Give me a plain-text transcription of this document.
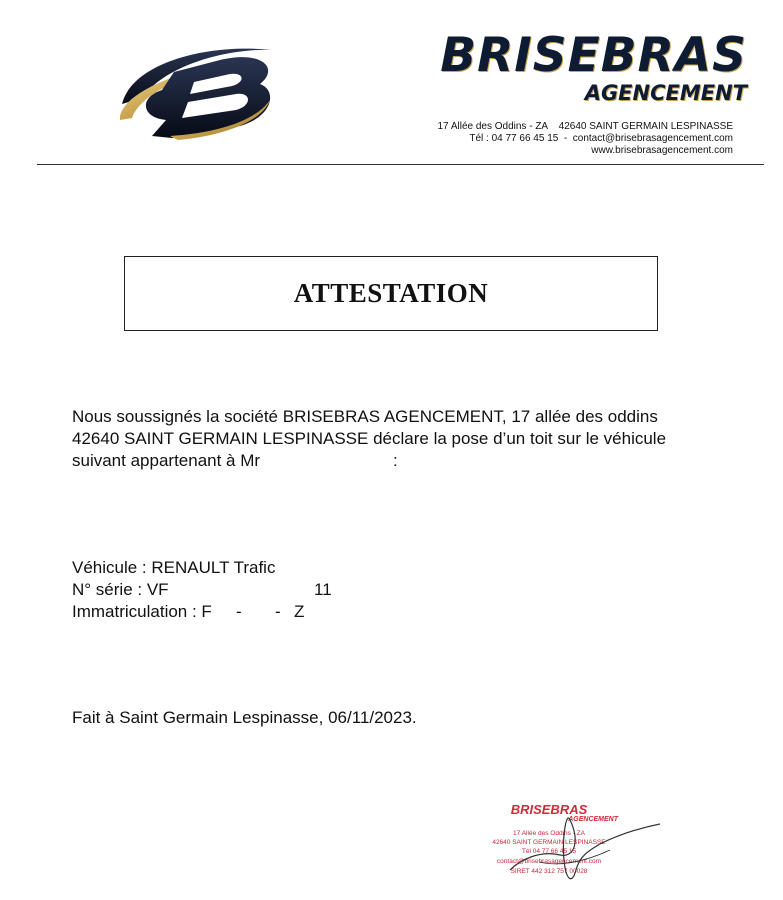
BRISEBRAS
AGENCEMENT
17 Allée des Oddins - ZA    42640 SAINT GERMAIN LESPINASSE
Tél : 04 77 66 45 15  -  contact@brisebrasagencement.com
www.brisebrasagencement.com
ATTESTATION
Nous soussignés la société BRISEBRAS AGENCEMENT, 17 allée des oddins
42640 SAINT GERMAIN LESPINASSE déclare la pose d’un toit sur le véhicule
suivant appartenant à Mr	:
Véhicule : RENAULT Trafic
N° série : VF	11
Immatriculation : F - - Z
Fait à Saint Germain Lespinasse, 06/11/2023.
BRISEBRAS
AGENCEMENT
17 Allée des Oddins - ZA
42640 SAINT GERMAIN LESPINASSE
Tél 04 77 66 45 15
contact@brisebrasagencement.com
SIRET 442 312 757 00028
